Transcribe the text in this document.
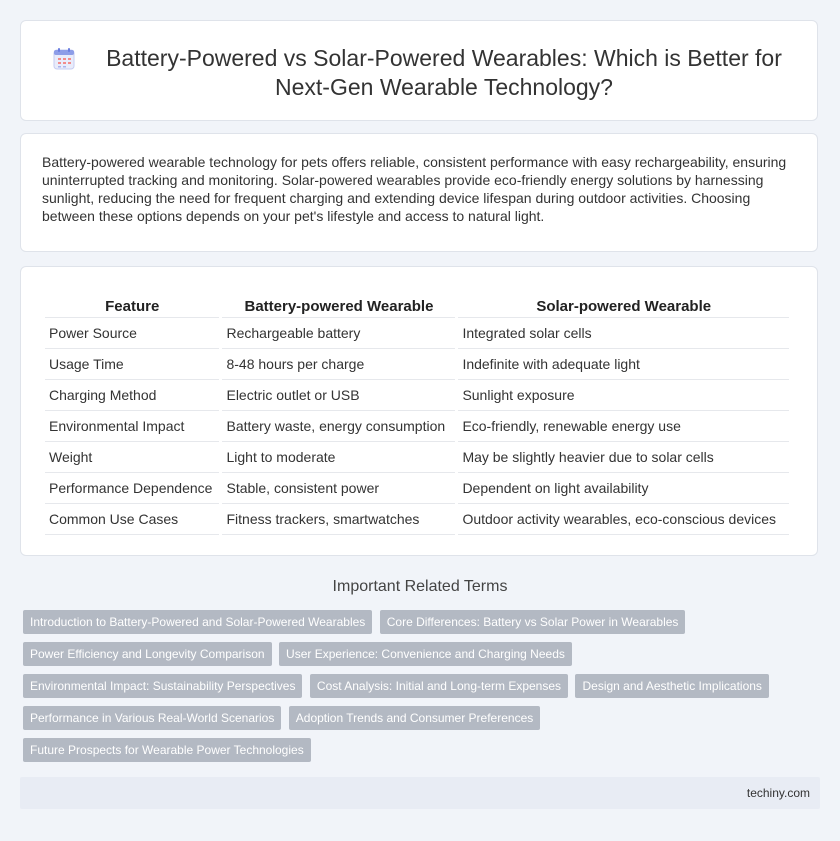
Battery-Powered vs Solar-Powered Wearables: Which is Better for Next-Gen Wearable Technology?

Battery-powered wearable technology for pets offers reliable, consistent performance with easy rechargeability, ensuring uninterrupted tracking and monitoring. Solar-powered wearables provide eco-friendly energy solutions by harnessing sunlight, reducing the need for frequent charging and extending device lifespan during outdoor activities. Choosing between these options depends on your pet's lifestyle and access to natural light.

Feature	Battery-powered Wearable	Solar-powered Wearable
Power Source	Rechargeable battery	Integrated solar cells
Usage Time	8-48 hours per charge	Indefinite with adequate light
Charging Method	Electric outlet or USB	Sunlight exposure
Environmental Impact	Battery waste, energy consumption	Eco-friendly, renewable energy use
Weight	Light to moderate	May be slightly heavier due to solar cells
Performance Dependence	Stable, consistent power	Dependent on light availability
Common Use Cases	Fitness trackers, smartwatches	Outdoor activity wearables, eco-conscious devices
Important Related Terms
Introduction to Battery-Powered and Solar-Powered Wearables Core Differences: Battery vs Solar Power in Wearables
Power Efficiency and Longevity Comparison User Experience: Convenience and Charging Needs
Environmental Impact: Sustainability Perspectives Cost Analysis: Initial and Long-term Expenses Design and Aesthetic Implications
Performance in Various Real-World Scenarios Adoption Trends and Consumer Preferences
Future Prospects for Wearable Power Technologies
techiny.com
